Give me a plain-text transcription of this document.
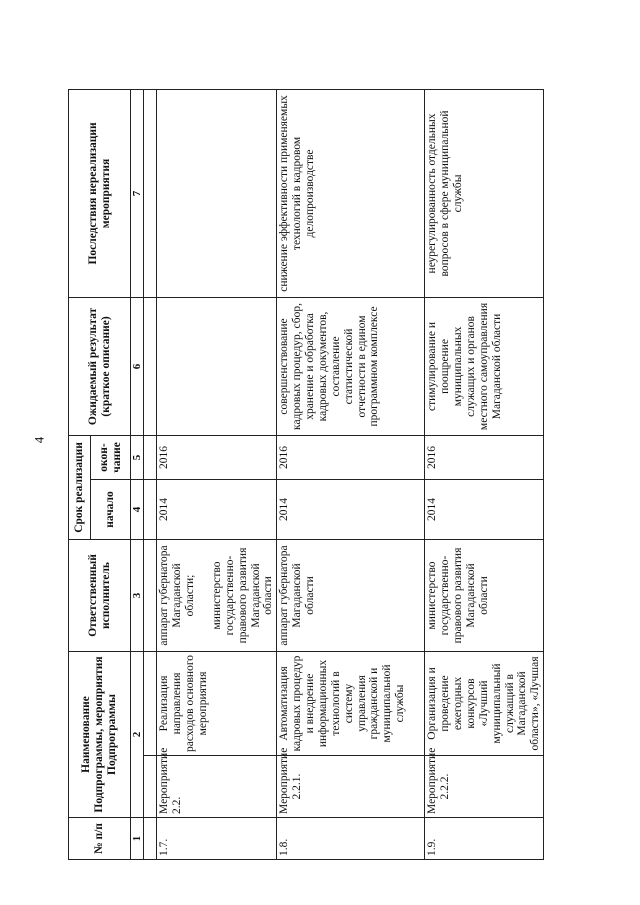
4
№ п/п	Наименование Подпрограммы, мероприятия Подпрограммы		Ответственный исполнитель	Срок реализации		Ожидаемый результат (краткое описание)	Последствия нереализации мероприятия
				начало	окон-чание		
1	2		3	4	5	6	7

1.7.	Мероприятие 2.2.	Реализация направления расходов основного мероприятия	аппарат губернатора Магаданской области; министерство государственно-правового развития Магаданской области	2014	2016		
1.8.	Мероприятие 2.2.1.	Автоматизация кадровых процедур и внедрение информационных технологий в систему управления гражданской и муниципальной службы	аппарат губернатора Магаданской области	2014	2016	совершенствование кадровых процедур, сбор, хранение и обработка кадровых документов, составление статистической отчетности в едином программном комплексе	снижение эффективности применяемых технологий в кадровом делопроизводстве
1.9.	Мероприятие 2.2.2.	Организация и проведение ежегодных конкурсов «Лучший муниципальный служащий в Магаданской области», «Лучшая	министерство государственно-правового развития Магаданской области	2014	2016	стимулирование и поощрение муниципальных служащих и органов местного самоуправления Магаданской области	неурегулированность отдельных вопросов в сфере муниципальной службы
